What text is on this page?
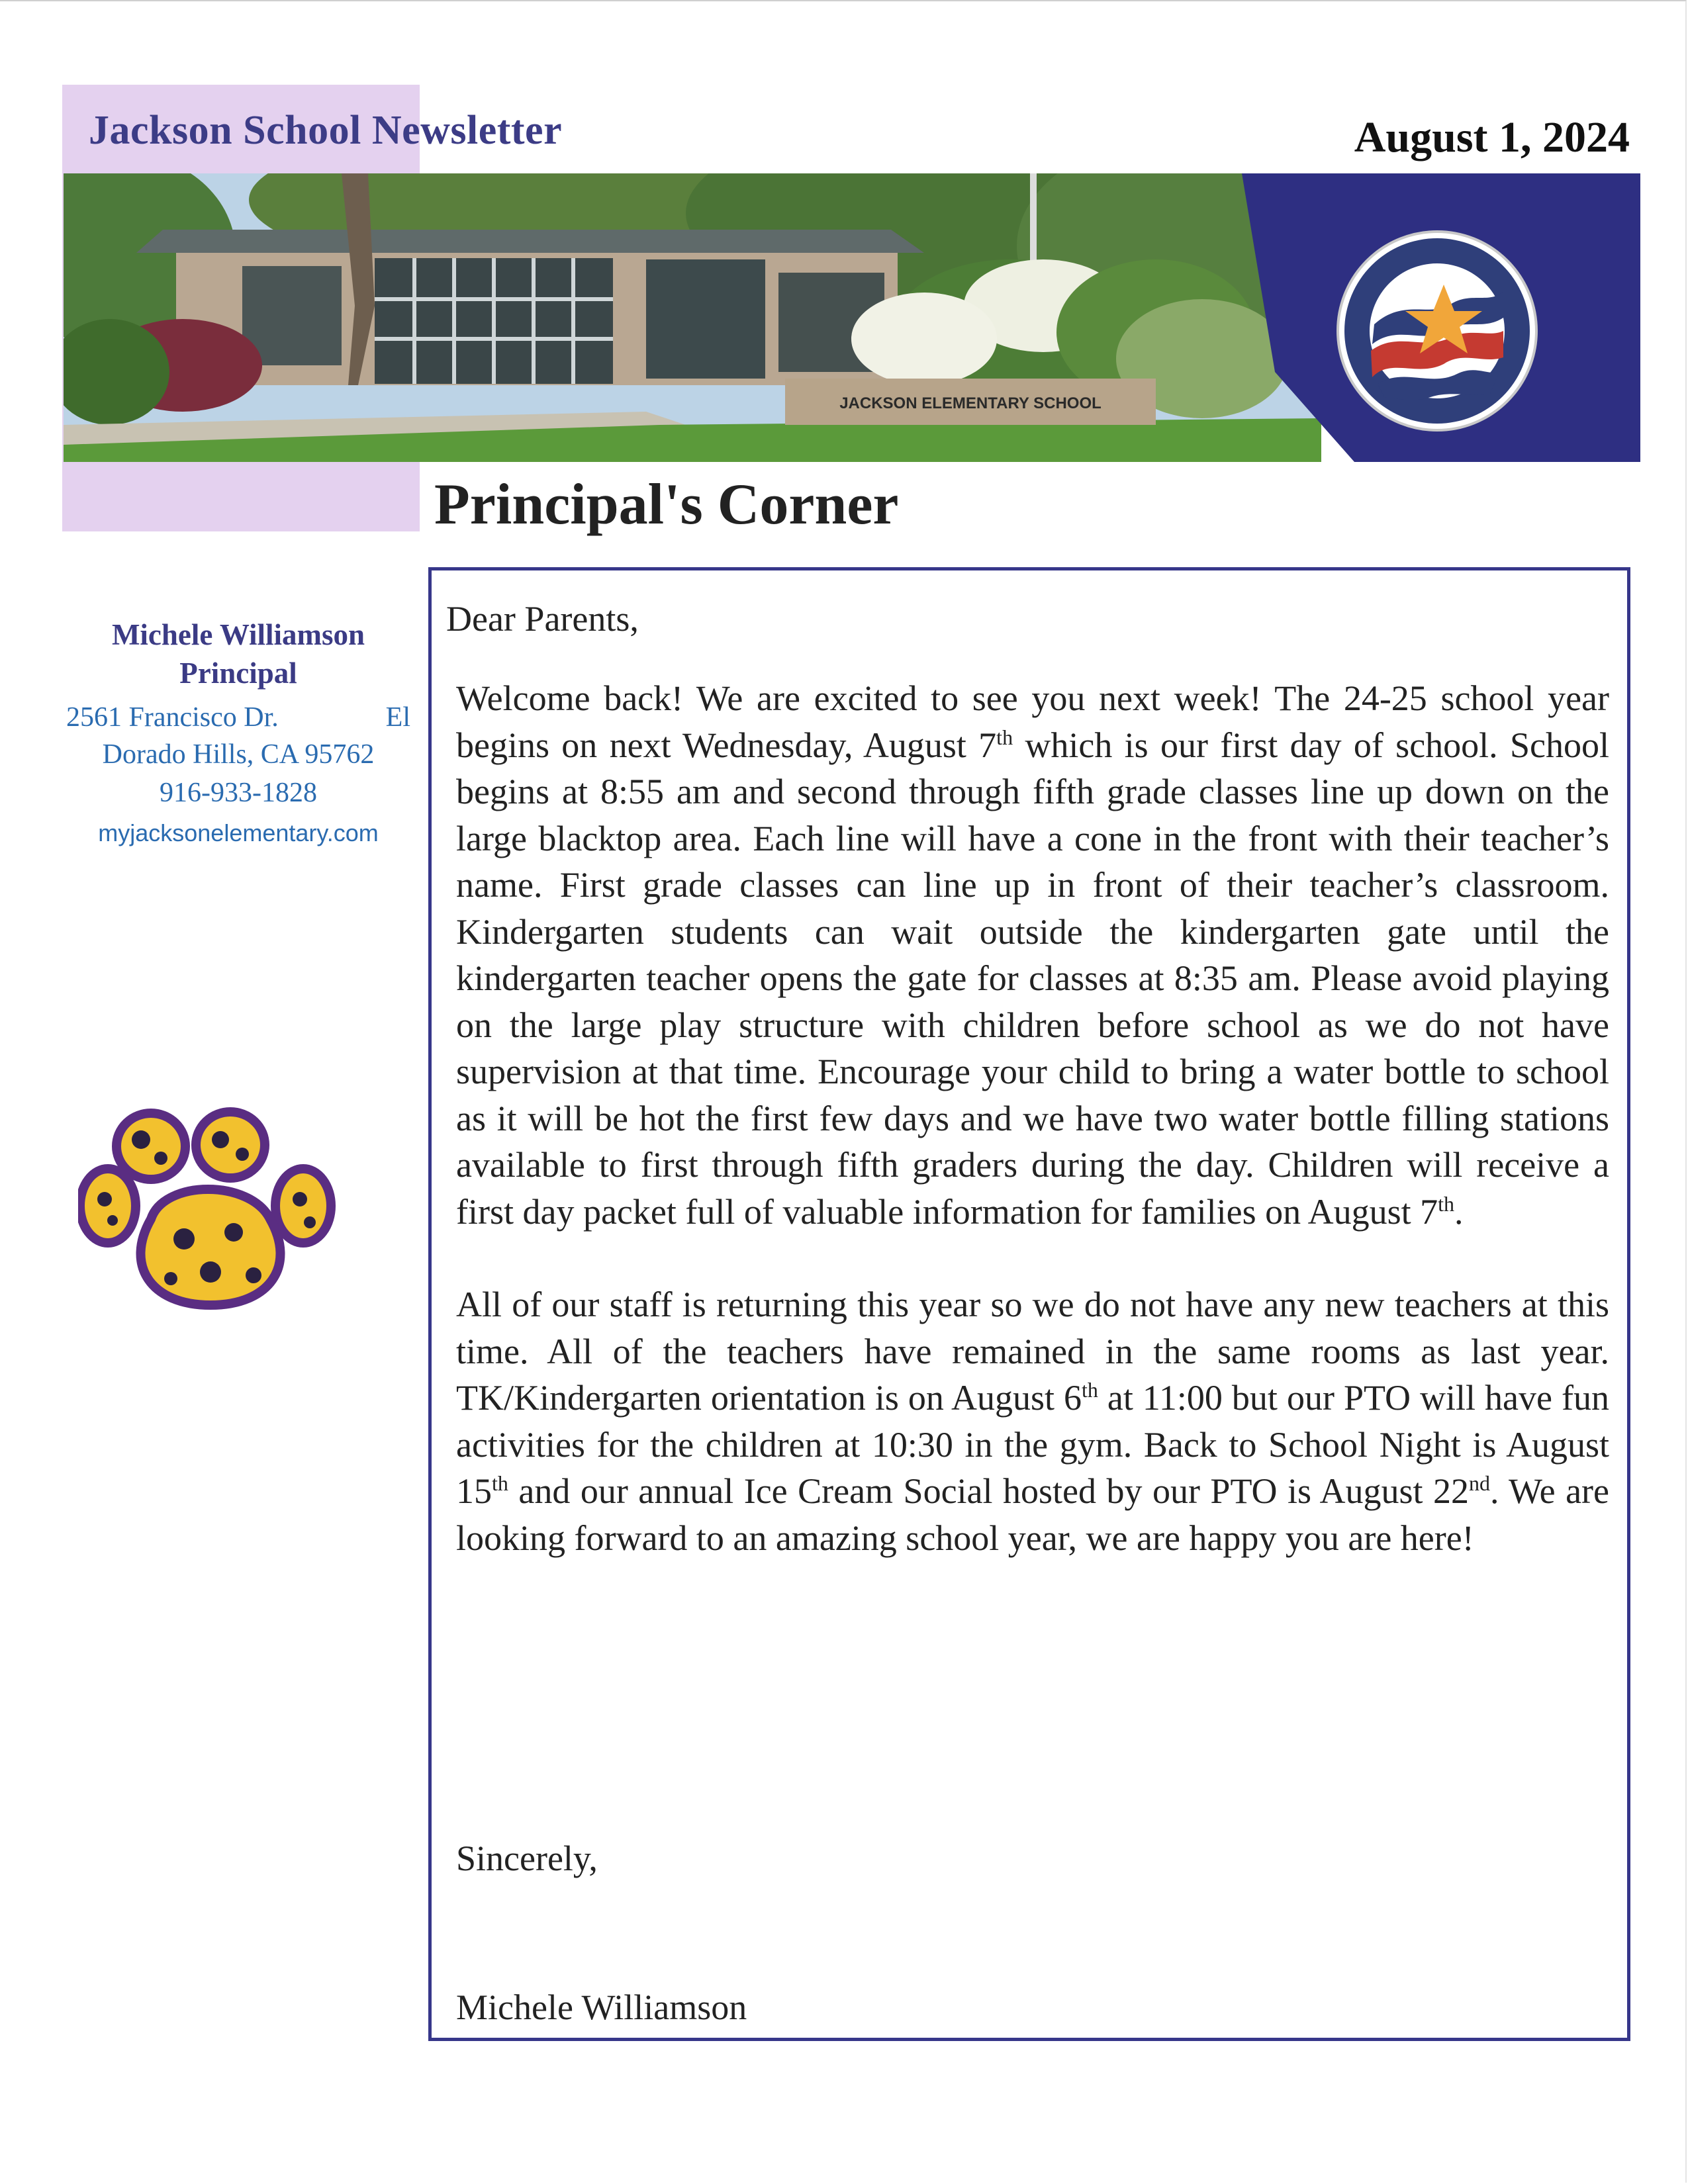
Jackson School Newsletter	August 1, 2024
JACKSON ELEMENTARY SCHOOL
Principal's Corner
Michele Williamson
Principal
2561 Francisco Dr.	El
Dorado Hills, CA 95762
916-933-1828
myjacksonelementary.com
Dear Parents,

Welcome back! We are excited to see you next week! The 24-25 school year begins on next Wednesday, August 7th which is our first day of school. School begins at 8:55 am and second through fifth grade classes line up down on the large blacktop area. Each line will have a cone in the front with their teacher’s name. First grade classes can line up in front of their teacher’s classroom. Kindergarten students can wait outside the kindergarten gate until the kindergarten teacher opens the gate for classes at 8:35 am. Please avoid playing on the large play structure with children before school as we do not have supervision at that time. Encourage your child to bring a water bottle to school as it will be hot the first few days and we have two water bottle filling stations available to first through fifth graders during the day. Children will receive a first day packet full of valuable information for families on August 7th.

All of our staff is returning this year so we do not have any new teachers at this time. All of the teachers have remained in the same rooms as last year. TK/Kindergarten orientation is on August 6th at 11:00 but our PTO will have fun activities for the children at 10:30 in the gym. Back to School Night is August 15th and our annual Ice Cream Social hosted by our PTO is August 22nd. We are looking forward to an amazing school year, we are happy you are here!

Sincerely,
Michele Williamson
